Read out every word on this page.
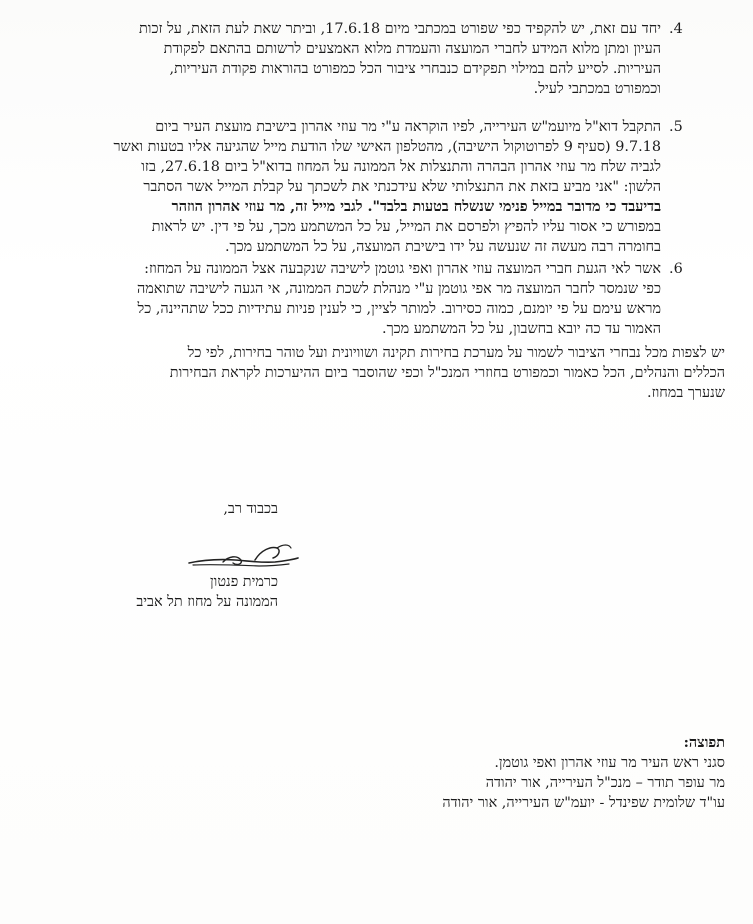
.4
יחד עם זאת, יש להקפיד כפי שפורט במכתבי מיום 17.6.18, וביתר שאת לעת הזאת, על זכות
העיון ומתן מלוא המידע לחברי המועצה והעמדת מלוא האמצעים לרשותם בהתאם לפקודת
העיריות. לסייע להם במילוי תפקידם כנבחרי ציבור הכל כמפורט בהוראות פקודת העיריות,
וכמפורט במכתבי לעיל.
.5
התקבל דוא"ל מיועמ"ש העירייה, לפיו הוקראה ע"י מר עוזי אהרון בישיבת מועצת העיר ביום
9.7.18 (סעיף 9 לפרוטוקול הישיבה), מהטלפון האישי שלו הודעת מייל שהגיעה אליו בטעות ואשר
לגביה שלח מר עוזי אהרון הבהרה והתנצלות אל הממונה על המחוז בדוא"ל ביום 27.6.18, בזו
הלשון: "אני מביע בזאת את התנצלותי שלא עידכנתי את לשכתך על קבלת המייל אשר הסתבר
בדיעבד כי מדובר במייל פנימי שנשלח בטעות בלבד". לגבי מייל זה, מר עוזי אהרון הוזהר
במפורש כי אסור עליו להפיץ ולפרסם את המייל, על כל המשתמע מכך, על פי דין. יש לראות
בחומרה רבה מעשה זה שנעשה על ידו בישיבת המועצה, על כל המשתמע מכך.
.6
אשר לאי הגעת חברי המועצה עוזי אהרון ואפי גוטמן לישיבה שנקבעה אצל הממונה על המחוז:
כפי שנמסר לחבר המועצה מר אפי גוטמן ע"י מנהלת לשכת הממונה, אי הגעה לישיבה שתואמה
מראש עימם על פי יומנם, כמוה כסירוב. למותר לציין, כי לענין פניות עתידיות ככל שתהיינה, כל
האמור עד כה יובא בחשבון, על כל המשתמע מכך.
יש לצפות מכל נבחרי הציבור לשמור על מערכת בחירות תקינה ושוויונית ועל טוהר בחירות, לפי כל
הכללים והנהלים, הכל כאמור וכמפורט בחוזרי המנכ"ל וכפי שהוסבר ביום ההיערכות לקראת הבחירות
שנערך במחוז.
בכבוד רב,
כרמית פנטון
הממונה על מחוז תל אביב
תפוצה:
סגני ראש העיר מר עוזי אהרון ואפי גוטמן.
מר עופר תודר – מנכ"ל העירייה, אור יהודה
עו"ד שלומית שפינדל - יועמ"ש העירייה, אור יהודה
